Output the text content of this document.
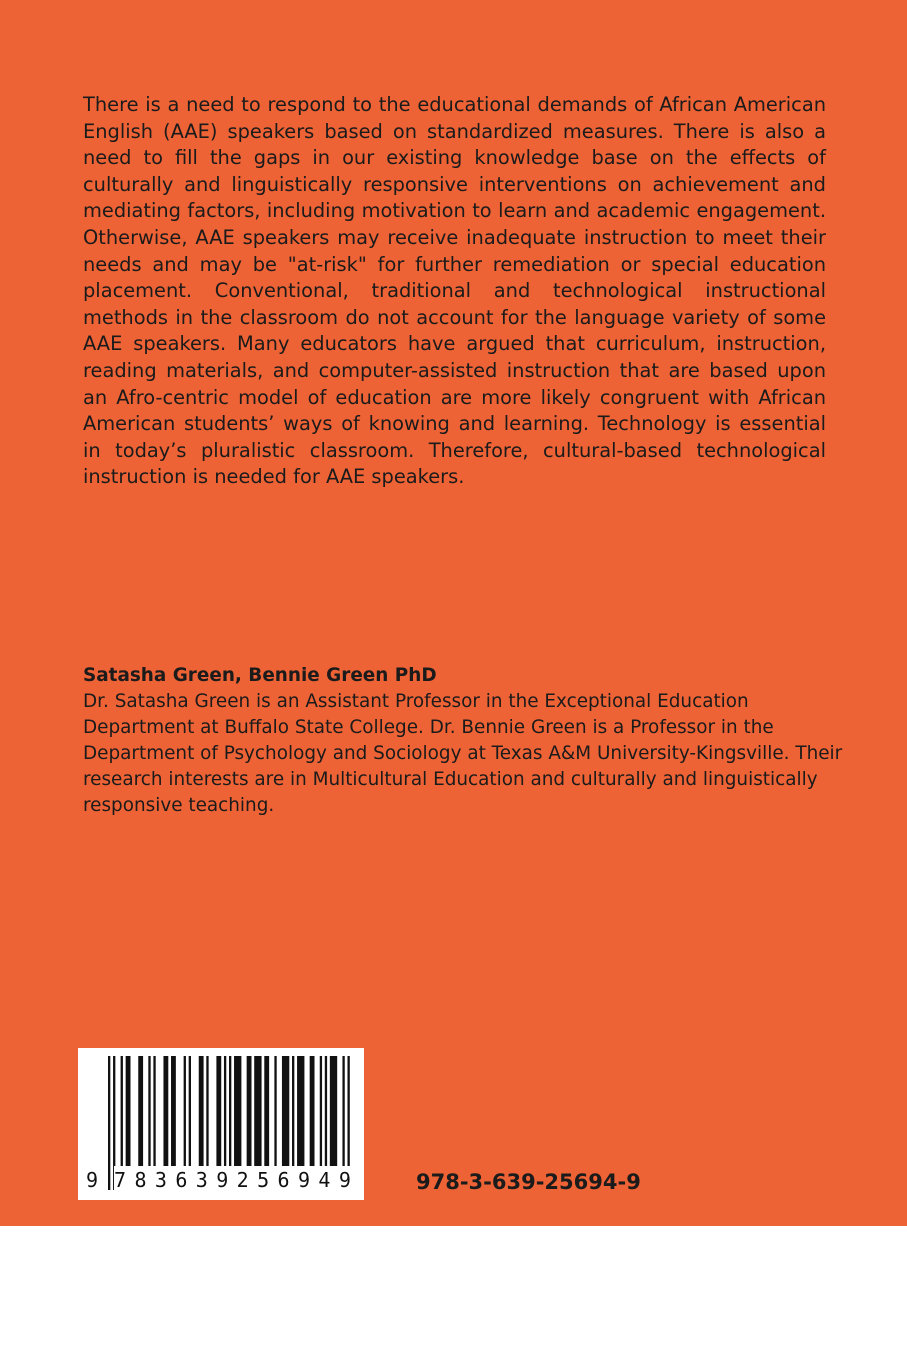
There is a need to respond to the educational demands of African American English (AAE) speakers based on standardized measures. There is also a need to fill the gaps in our existing knowledge base on the effects of culturally and linguistically responsive interventions on achievement and mediating factors, including motivation to learn and academic engagement. Otherwise, AAE speakers may receive inadequate instruction to meet their needs and may be "at-risk" for further remediation or special education placement. Conventional, traditional and technological instructional methods in the classroom do not account for the language variety of some AAE speakers. Many educators have argued that curriculum, instruction, reading materials, and computer-assisted instruction that are based upon an Afro-centric model of education are more likely congruent with African American students’ ways of knowing and learning. Technology is essential in today’s pluralistic classroom. Therefore, cultural-based technological instruction is needed for AAE speakers.

Satasha Green, Bennie Green PhD

Dr. Satasha Green is an Assistant Professor in the Exceptional Education Department at Buffalo State College. Dr. Bennie Green is a Professor in the Department of Psychology and Sociology at Texas A&M University-Kingsville. Their research interests are in Multicultural Education and culturally and linguistically responsive teaching.

9 783639256949	978-3-639-25694-9
